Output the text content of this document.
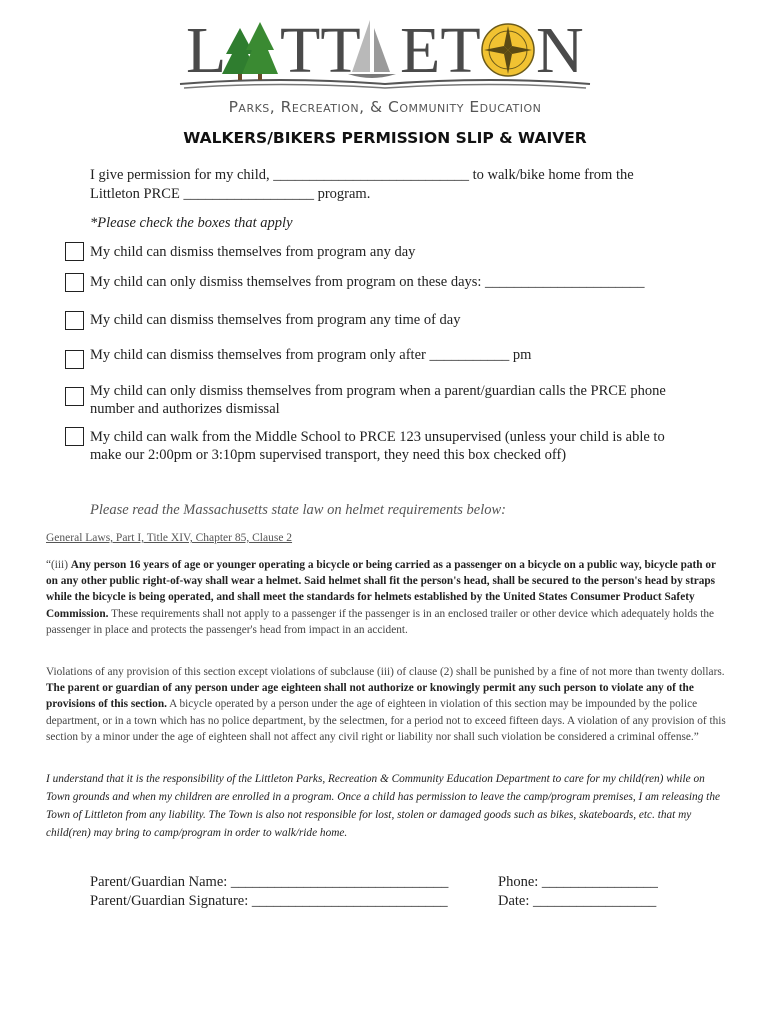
L TT ET N
Parks, Recreation, & Community Education
WALKERS/BIKERS PERMISSION SLIP & WAIVER
I give permission for my child, ___________________________ to walk/bike home from the
Littleton PRCE __________________ program.
*Please check the boxes that apply
My child can dismiss themselves from program any day
My child can only dismiss themselves from program on these days: ______________________
My child can dismiss themselves from program any time of day
My child can dismiss themselves from program only after ___________ pm
My child can only dismiss themselves from program when a parent/guardian calls the PRCE phone number and authorizes dismissal
My child can walk from the Middle School to PRCE 123 unsupervised (unless your child is able to make our 2:00pm or 3:10pm supervised transport, they need this box checked off)
Please read the Massachusetts state law on helmet requirements below:
General Laws, Part I, Title XIV, Chapter 85, Clause 2
“(iii) Any person 16 years of age or younger operating a bicycle or being carried as a passenger on a bicycle on a public way, bicycle path or on any other public right-of-way shall wear a helmet. Said helmet shall fit the person's head, shall be secured to the person's head by straps while the bicycle is being operated, and shall meet the standards for helmets established by the United States Consumer Product Safety Commission. These requirements shall not apply to a passenger if the passenger is in an enclosed trailer or other device which adequately holds the passenger in place and protects the passenger's head from impact in an accident.
Violations of any provision of this section except violations of subclause (iii) of clause (2) shall be punished by a fine of not more than twenty dollars. The parent or guardian of any person under age eighteen shall not authorize or knowingly permit any such person to violate any of the provisions of this section. A bicycle operated by a person under the age of eighteen in violation of this section may be impounded by the police department, or in a town which has no police department, by the selectmen, for a period not to exceed fifteen days. A violation of any provision of this section by a minor under the age of eighteen shall not affect any civil right or liability nor shall such violation be considered a criminal offense.”
I understand that it is the responsibility of the Littleton Parks, Recreation & Community Education Department to care for my child(ren) while on Town grounds and when my children are enrolled in a program. Once a child has permission to leave the camp/program premises, I am releasing the Town of Littleton from any liability. The Town is also not responsible for lost, stolen or damaged goods such as bikes, skateboards, etc. that my child(ren) may bring to camp/program in order to walk/ride home.
Parent/Guardian Name: ______________________________
Parent/Guardian Signature: ___________________________
Phone: ________________
Date: _________________
